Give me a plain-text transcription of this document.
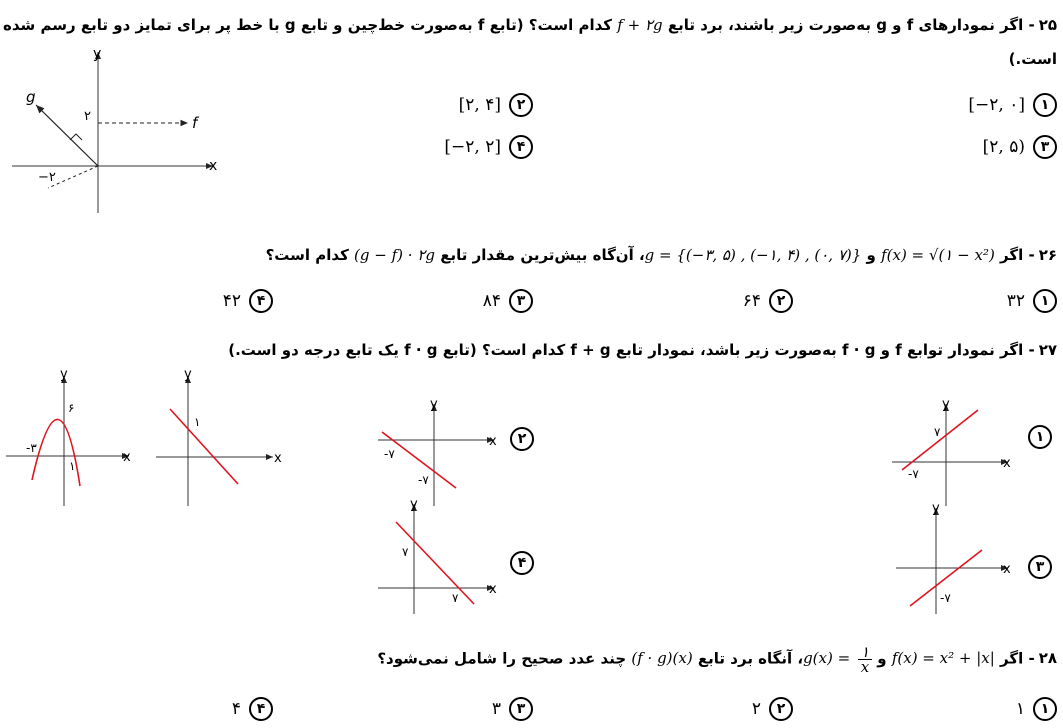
۲۵- اگر نمودارهای f و g به‌صورت زیر باشند، برد تابع f + ۲g کدام است؟ (تابع f به‌صورت خط‌چین و تابع g با خط پر برای تمایز دو تابع رسم شده
است.)
y
x
f
g
۲
−۲
۱
[−۲, ۰]
۲
[۲, ۴]
۳
[۲, ۵)
۴
[−۲, ۲]
۲۶- اگر f(x) = √(۱ − x²) و g = {(−۳, ۵) , (−۱, ۴) , (۰, ۷)}، آن‌گاه بیش‌ترین مقدار تابع (g − f) · ۲g کدام است؟
۱
۳۲
۲
۶۴
۳
۸۴
۴
۴۲
۲۷- اگر نمودار توابع f و f · g به‌صورت زیر باشد، نمودار تابع f + g کدام است؟ (تابع f · g یک تابع درجه دو است.)
y
x
-۳
۶
۱
y
x
۱
y
x
-۷
-۷
۲
y
x
۷
-۷
۱
y
x
۷
۷
۴
y
x
-۷
۳
۲۸- اگر f(x) = x² + |x| و g(x) = ۱
x
، آنگاه برد تابع (f · g)(x) چند عدد صحیح را شامل نمی‌شود؟
۱
۱
۲
۲
۳
۳
۴
۴
